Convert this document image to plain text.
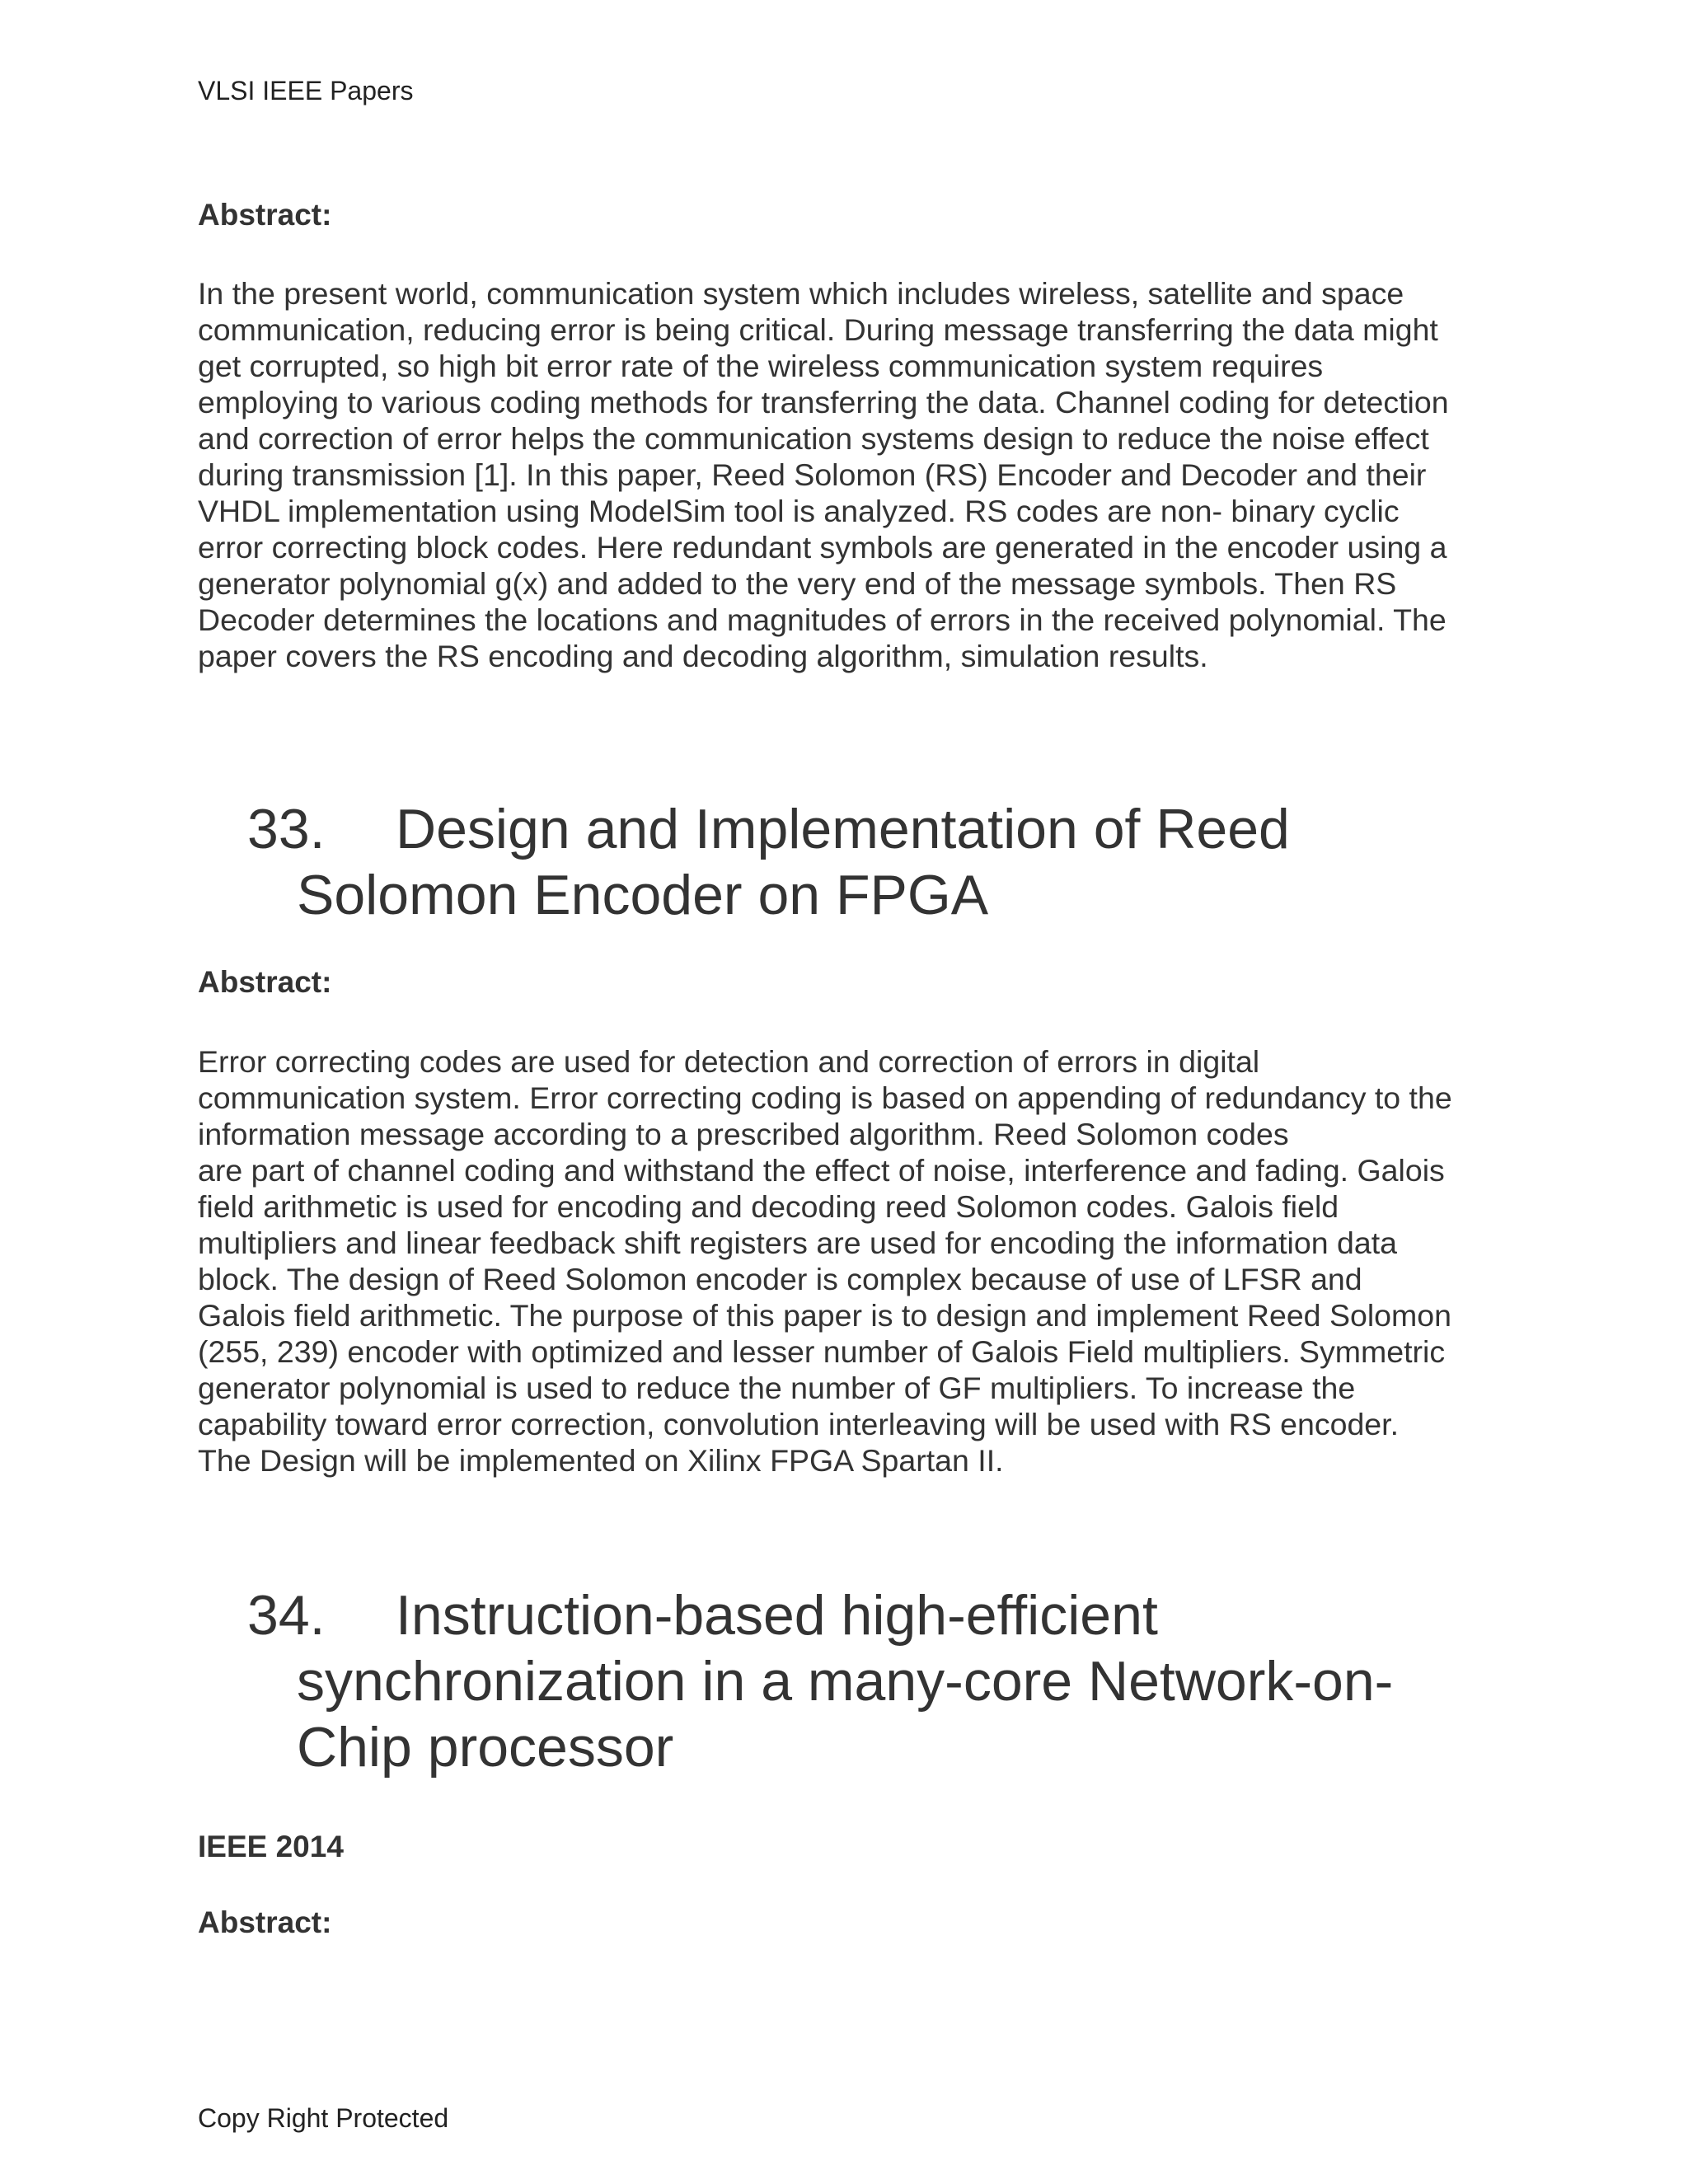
VLSI IEEE Papers
Abstract:
In the present world, communication system which includes wireless, satellite and space
communication, reducing error is being critical. During message transferring the data might
get corrupted, so high bit error rate of the wireless communication system requires
employing to various coding methods for transferring the data. Channel coding for detection
and correction of error helps the communication systems design to reduce the noise effect
during transmission [1]. In this paper, Reed Solomon (RS) Encoder and Decoder and their
VHDL implementation using ModelSim tool is analyzed. RS codes are non- binary cyclic
error correcting block codes. Here redundant symbols are generated in the encoder using a
generator polynomial g(x) and added to the very end of the message symbols. Then RS
Decoder determines the locations and magnitudes of errors in the received polynomial. The
paper covers the RS encoding and decoding algorithm, simulation results.
33. Design and Implementation of Reed
Solomon Encoder on FPGA
Abstract:
Error correcting codes are used for detection and correction of errors in digital
communication system. Error correcting coding is based on appending of redundancy to the
information message according to a prescribed algorithm. Reed Solomon codes
are part of channel coding and withstand the effect of noise, interference and fading. Galois
field arithmetic is used for encoding and decoding reed Solomon codes. Galois field
multipliers and linear feedback shift registers are used for encoding the information data
block. The design of Reed Solomon encoder is complex because of use of LFSR and
Galois field arithmetic. The purpose of this paper is to design and implement Reed Solomon
(255, 239) encoder with optimized and lesser number of Galois Field multipliers. Symmetric
generator polynomial is used to reduce the number of GF multipliers. To increase the
capability toward error correction, convolution interleaving will be used with RS encoder.
The Design will be implemented on Xilinx FPGA Spartan II.
34. Instruction-based high-efficient
synchronization in a many-core Network-on-
Chip processor
IEEE 2014
Abstract:
Copy Right Protected
